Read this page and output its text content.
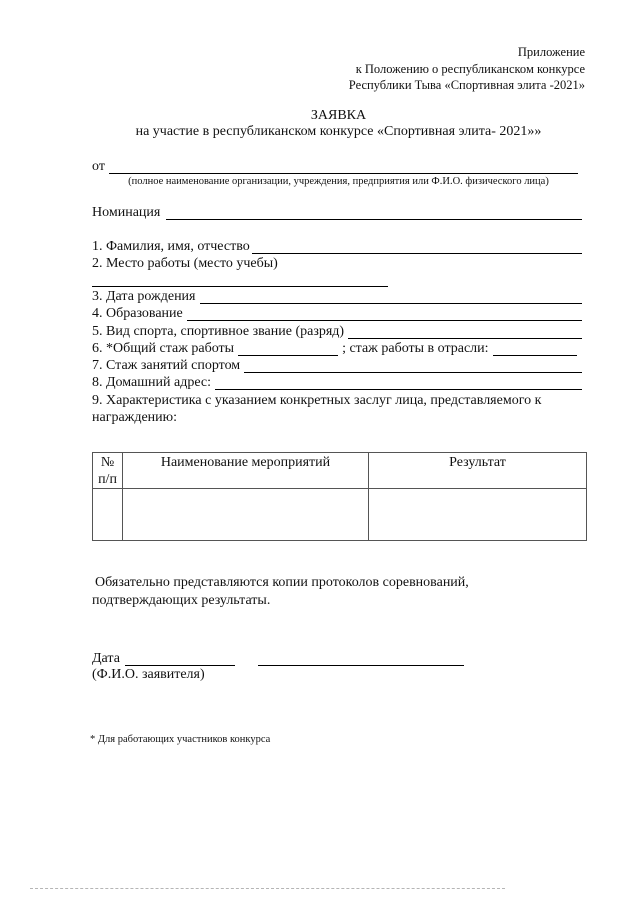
Приложение
к Положению о республиканском конкурсе
Республики Тыва «Спортивная элита -2021»
ЗАЯВКА
на участие в республиканском конкурсе «Спортивная элита- 2021»»
от
(полное наименование организации, учреждения, предприятия или Ф.И.О. физического лица)
Номинация
1. Фамилия, имя, отчество
2. Место работы (место учебы)
3. Дата рождения
4. Образование
5. Вид спорта, спортивное звание (разряд)
6. *Общий стаж работы	; стаж работы в отрасли:
7. Стаж занятий спортом
8. Домашний адрес:
9. Характеристика с указанием конкретных заслуг лица, представляемого к
награждению:
№
п/п	Наименование мероприятий	Результат

Обязательно представляются копии протоколов соревнований,
подтверждающих результаты.
Дата
(Ф.И.О. заявителя)
* Для работающих участников конкурса
